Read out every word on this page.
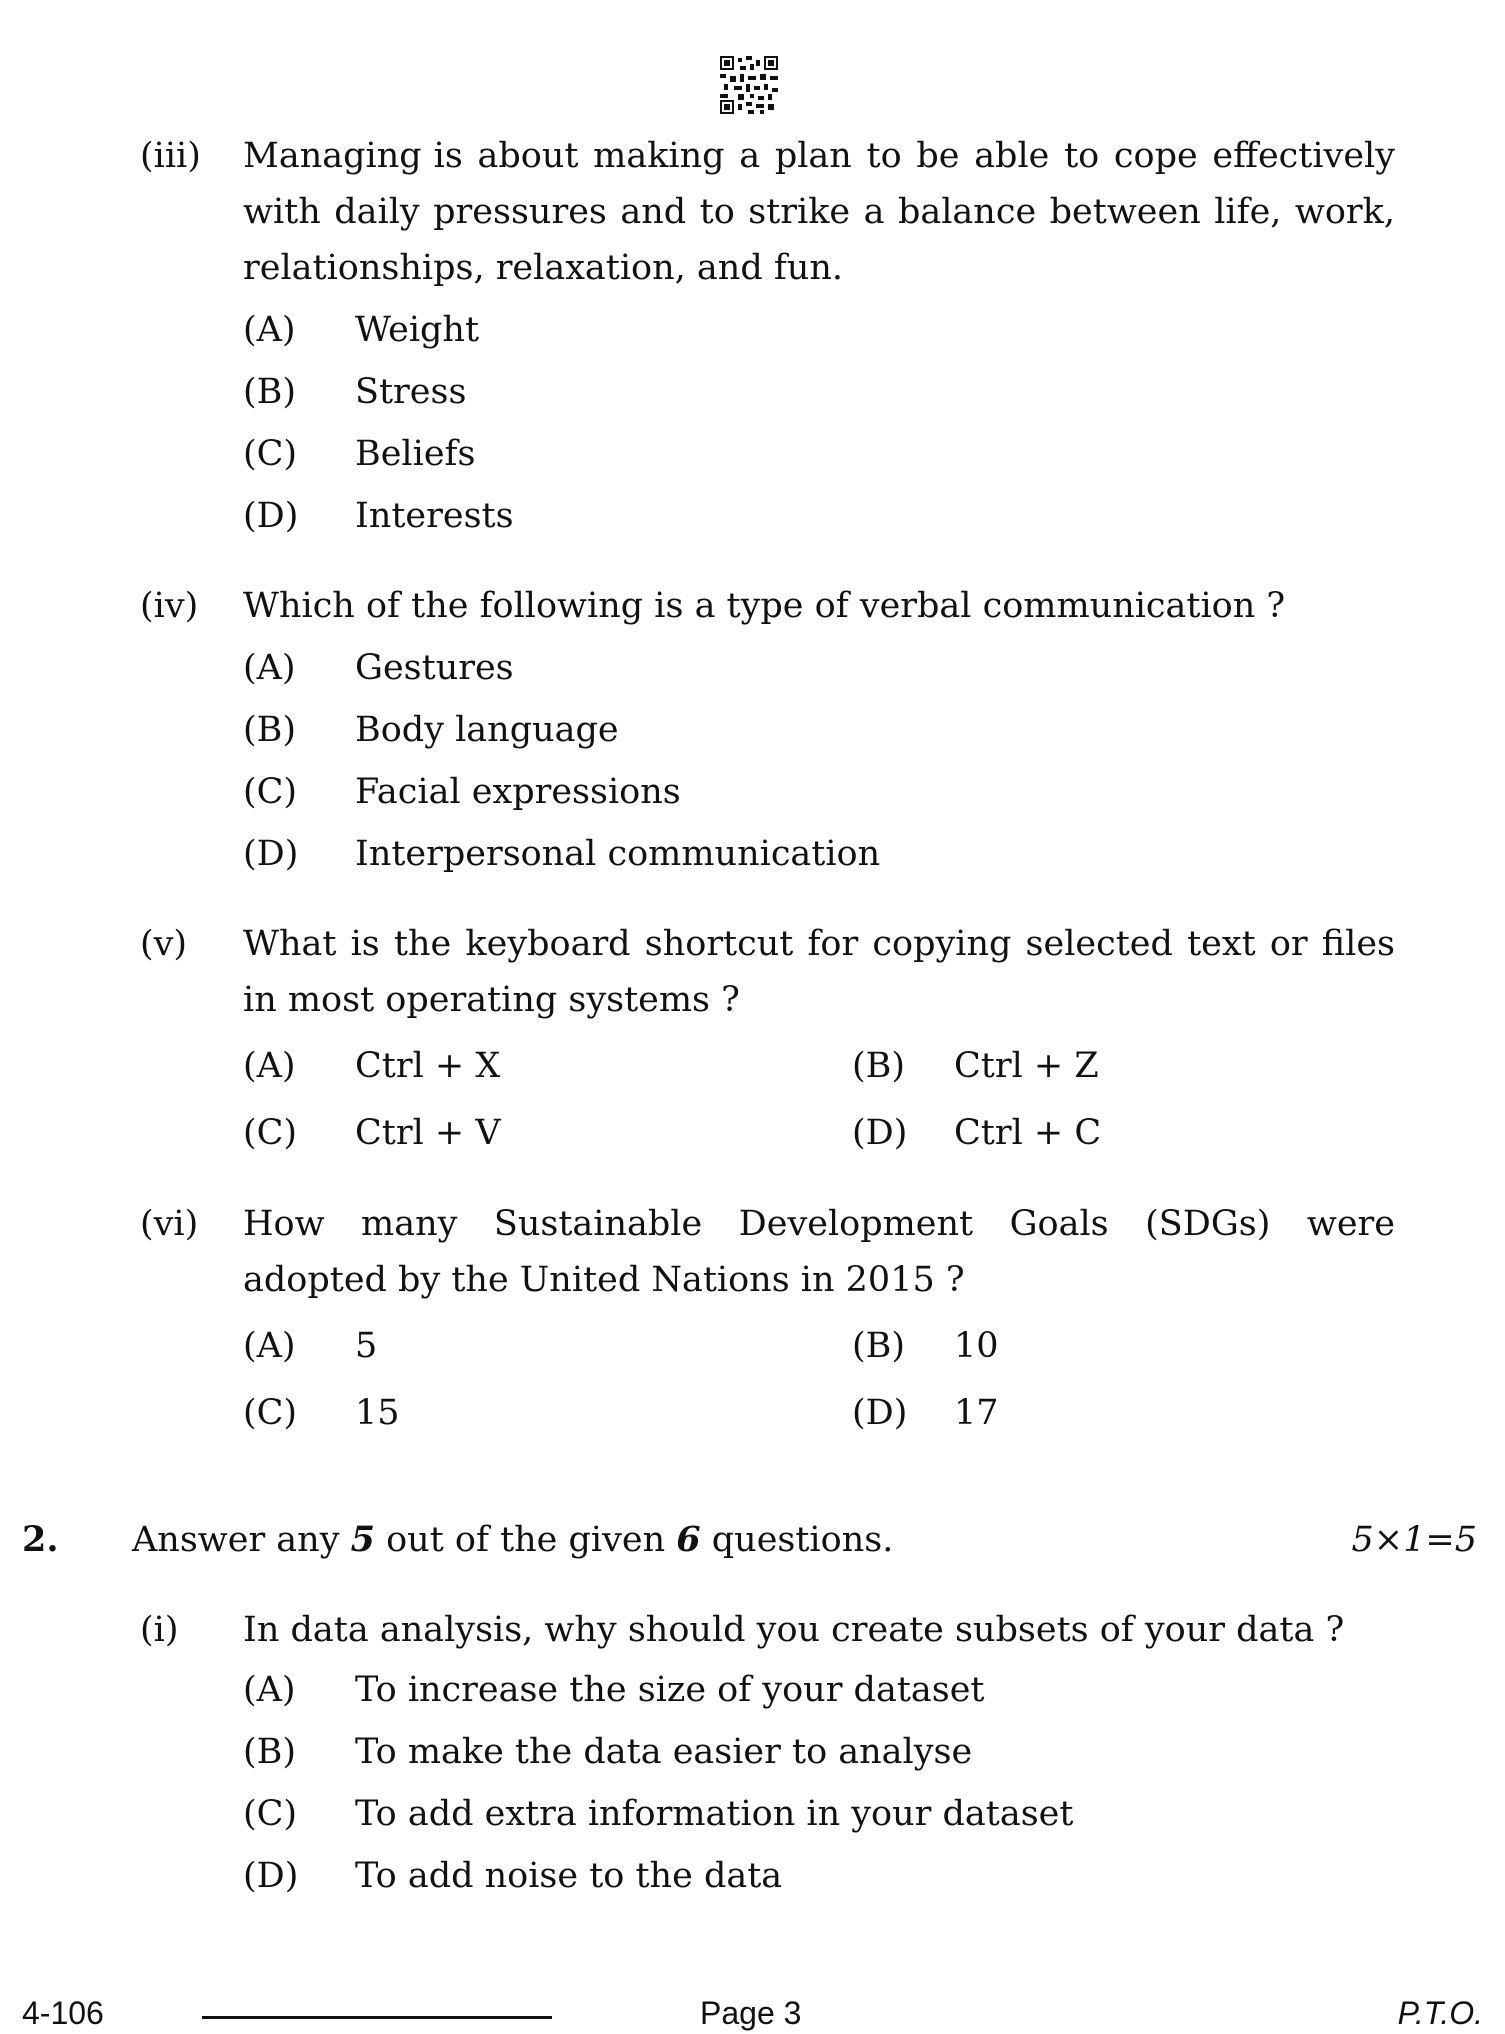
(iii) Managing is about making a plan to be able to cope effectively with daily pressures and to strike a balance between life, work, relationships, relaxation, and fun.
(A) Weight
(B) Stress
(C) Beliefs
(D) Interests
(iv) Which of the following is a type of verbal communication ?
(A) Gestures
(B) Body language
(C) Facial expressions
(D) Interpersonal communication
(v) What is the keyboard shortcut for copying selected text or files in most operating systems ?
(A) Ctrl + X	(B) Ctrl + Z
(C) Ctrl + V	(D) Ctrl + C
(vi) How many Sustainable Development Goals (SDGs) were adopted by the United Nations in 2015 ?
(A) 5	(B) 10
(C) 15	(D) 17
2. Answer any 5 out of the given 6 questions.	5×1=5
(i) In data analysis, why should you create subsets of your data ?
(A) To increase the size of your dataset
(B) To make the data easier to analyse
(C) To add extra information in your dataset
(D) To add noise to the data
4-106	Page 3	P.T.O.
